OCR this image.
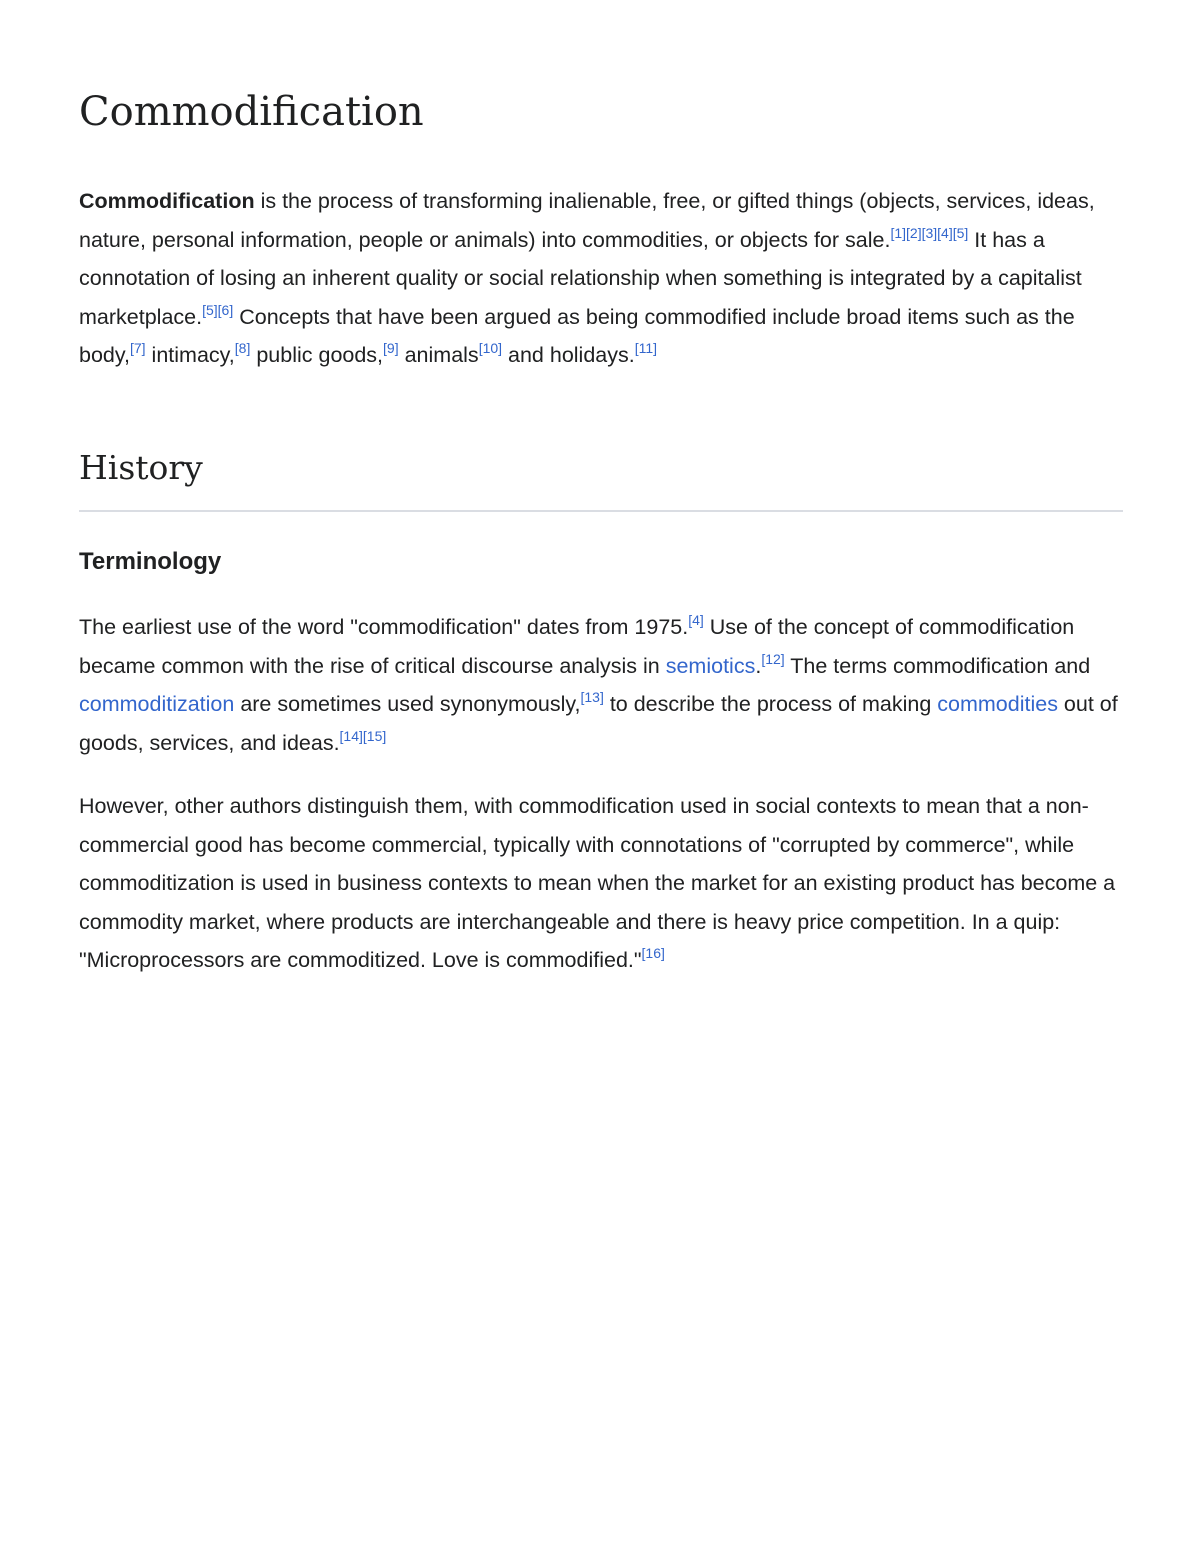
Commodification

Commodification is the process of transforming inalienable, free, or gifted things (objects, services, ideas, nature, personal information, people or animals) into commodities, or objects for sale.[1][2][3][4][5] It has a connotation of losing an inherent quality or social relationship when something is integrated by a capitalist marketplace.[5][6] Concepts that have been argued as being commodified include broad items such as the body,[7] intimacy,[8] public goods,[9] animals[10] and holidays.[11]

History
Terminology

The earliest use of the word "commodification" dates from 1975.[4] Use of the concept of commodification became common with the rise of critical discourse analysis in semiotics.[12] The terms commodification and commoditization are sometimes used synonymously,[13] to describe the process of making commodities out of goods, services, and ideas.[14][15]

However, other authors distinguish them, with commodification used in social contexts to mean that a non-commercial good has become commercial, typically with connotations of "corrupted by commerce", while commoditization is used in business contexts to mean when the market for an existing product has become a commodity market, where products are interchangeable and there is heavy price competition. In a quip: "Microprocessors are commoditized. Love is commodified."[16]
